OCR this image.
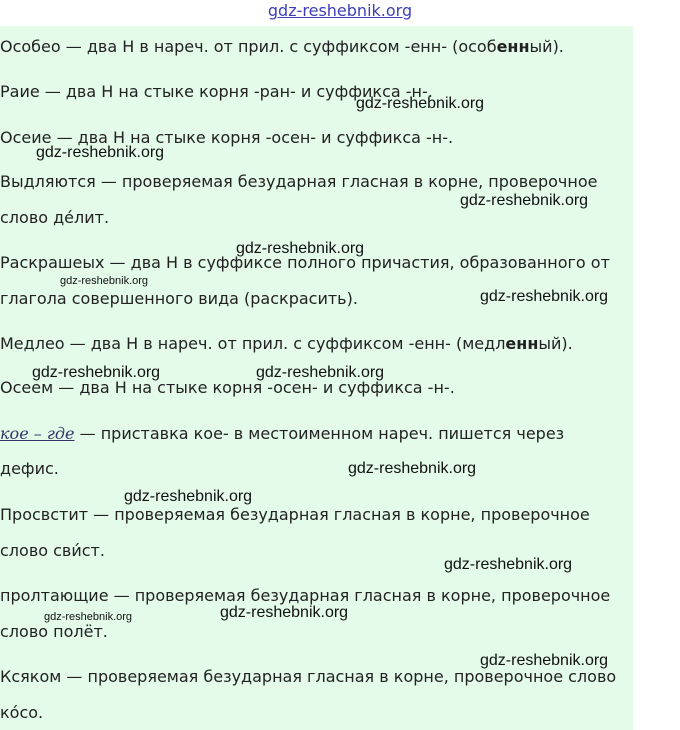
gdz-reshebnik.org
Особео — два Н в нареч. от прил. с суффиксом -енн- (особенный).
Раие — два Н на стыке корня -ран- и суффикса -н-.
Осеие — два Н на стыке корня -осен- и суффикса -н-.
Выдляются — проверяемая безударная гласная в корне, проверочное
слово де́лит.
Раскрашеых — два Н в суффиксе полного причастия, образованного от
глагола совершенного вида (раскрасить).
Медлео — два Н в нареч. от прил. с суффиксом -енн- (медленный).
Осеем — два Н на стыке корня -осен- и суффикса -н-.
кое – где — приставка кое- в местоименном нареч. пишется через
дефис.
Просвстит — проверяемая безударная гласная в корне, проверочное
слово сви́ст.
пролтающие — проверяемая безударная гласная в корне, проверочное
слово полёт.
Ксяком — проверяемая безударная гласная в корне, проверочное слово
ко́со.
gdz-reshebnik.org
gdz-reshebnik.org
gdz-reshebnik.org
gdz-reshebnik.org
gdz-reshebnik.org
gdz-reshebnik.org
gdz-reshebnik.org	gdz-reshebnik.org
gdz-reshebnik.org
gdz-reshebnik.org
gdz-reshebnik.org
gdz-reshebnik.org	gdz-reshebnik.org
gdz-reshebnik.org
